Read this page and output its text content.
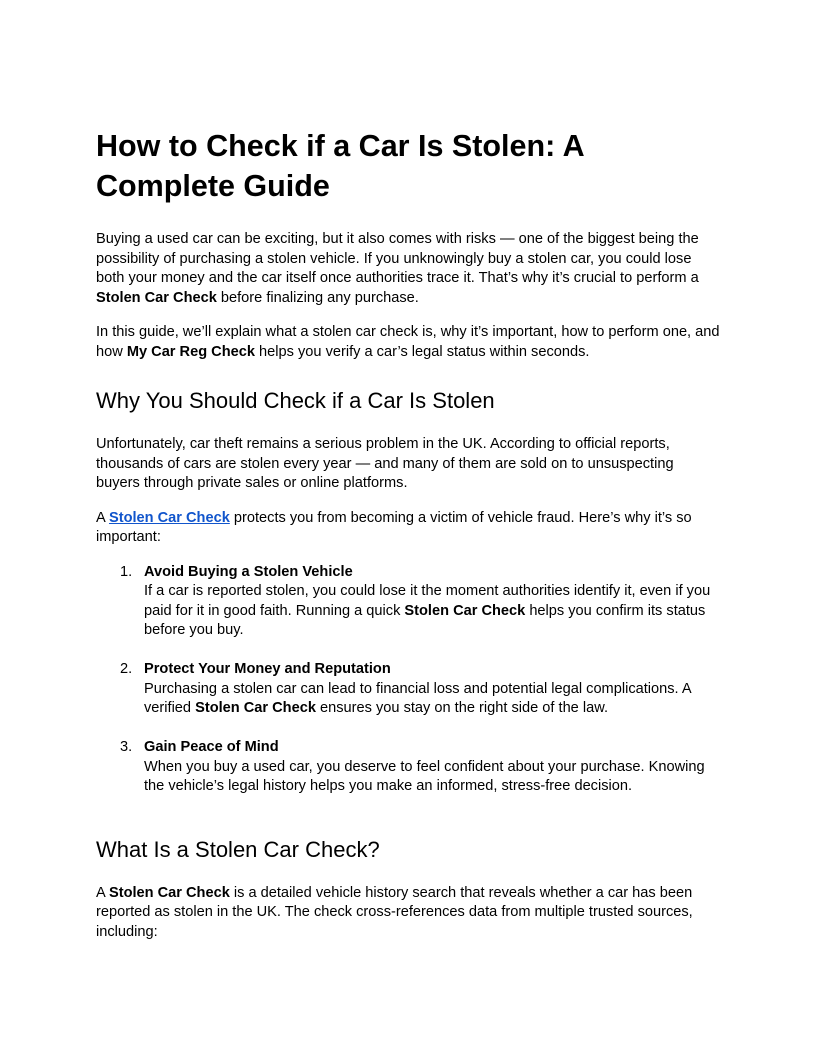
How to Check if a Car Is Stolen: A Complete Guide

Buying a used car can be exciting, but it also comes with risks — one of the biggest being the possibility of purchasing a stolen vehicle. If you unknowingly buy a stolen car, you could lose both your money and the car itself once authorities trace it. That’s why it’s crucial to perform a Stolen Car Check before finalizing any purchase.

In this guide, we’ll explain what a stolen car check is, why it’s important, how to perform one, and how My Car Reg Check helps you verify a car’s legal status within seconds.

Why You Should Check if a Car Is Stolen

Unfortunately, car theft remains a serious problem in the UK. According to official reports, thousands of cars are stolen every year — and many of them are sold on to unsuspecting buyers through private sales or online platforms.

A Stolen Car Check protects you from becoming a victim of vehicle fraud. Here’s why it’s so important:

1. Avoid Buying a Stolen Vehicle
If a car is reported stolen, you could lose it the moment authorities identify it, even if you paid for it in good faith. Running a quick Stolen Car Check helps you confirm its status before you buy.
2. Protect Your Money and Reputation
Purchasing a stolen car can lead to financial loss and potential legal complications. A verified Stolen Car Check ensures you stay on the right side of the law.
3. Gain Peace of Mind
When you buy a used car, you deserve to feel confident about your purchase. Knowing the vehicle’s legal history helps you make an informed, stress-free decision.
What Is a Stolen Car Check?

A Stolen Car Check is a detailed vehicle history search that reveals whether a car has been reported as stolen in the UK. The check cross-references data from multiple trusted sources, including:
